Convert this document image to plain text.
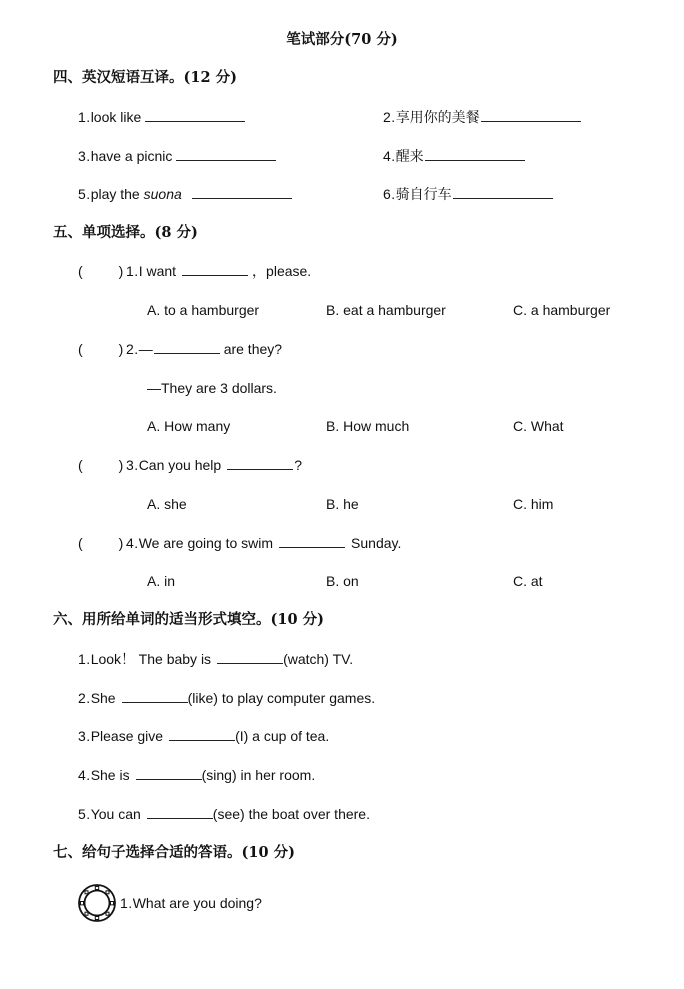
笔试部分(70 分)
四、英汉短语互译。(12 分)
1.look like	2.享用你的美餐
3.have a picnic	4.醒来
5.play the suona	6.骑自行车
五、单项选择。(8 分)
(	) 1.I want	，please.
A. to a hamburger	B. eat a hamburger	C. a hamburger
(	) 2.—	are they?
—They are 3 dollars.
A. How many	B. How much	C. What
(	) 3.Can you help	?
A. she	B. he	C. him
(	) 4.We are going to swim	Sunday.
A. in	B. on	C. at
六、用所给单词的适当形式填空。(10 分)
1.Look！ The baby is	(watch) TV.
2.She	(like) to play computer games.
3.Please give	(I) a cup of tea.
4.She is	(sing) in her room.
5.You can	(see) the boat over there.
七、给句子选择合适的答语。(10 分)
1.What are you doing?
